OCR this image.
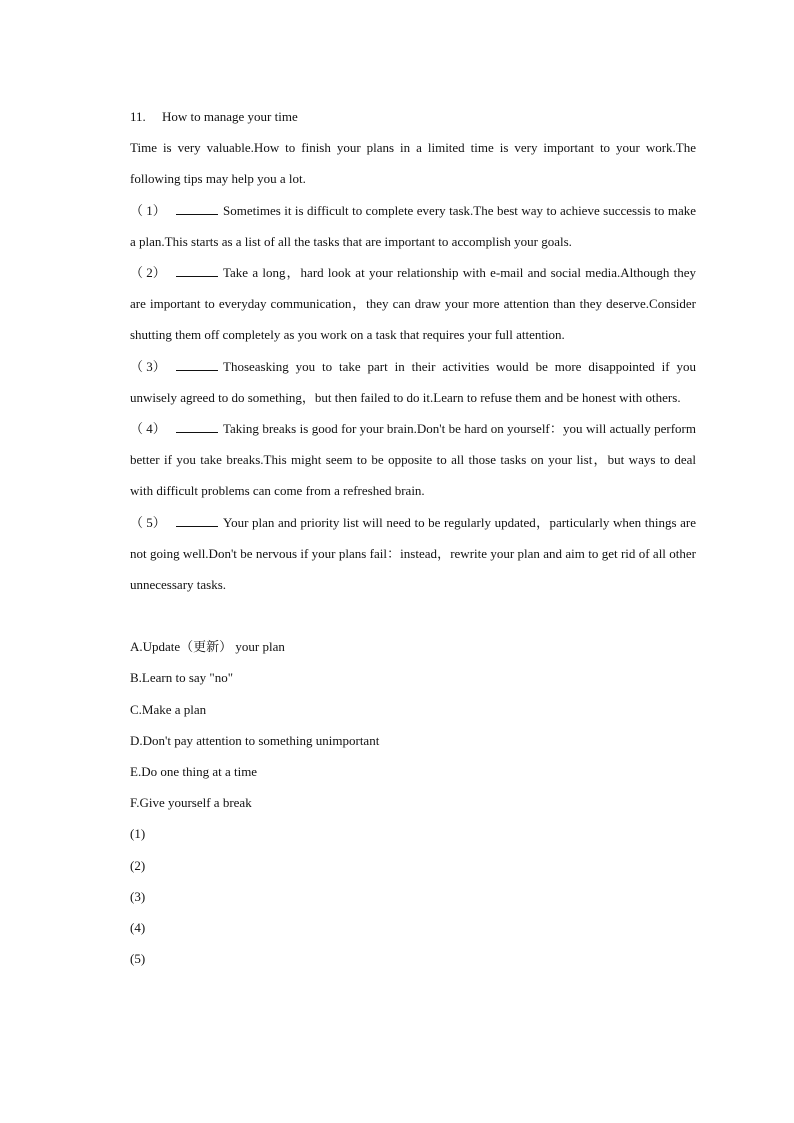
11. How to manage your time

Time is very valuable.How to finish your plans in a limited time is very important to your work.The following tips may help you a lot.

（ 1）	Sometimes it is difficult to complete every task.The best way to achieve successis to make a plan.This starts as a list of all the tasks that are important to accomplish your goals.

（ 2）	Take a long，hard look at your relationship with e-mail and social media.Although they are important to everyday communication，they can draw your more attention than they deserve.Consider shutting them off completely as you work on a task that requires your full attention.

（ 3）	Thoseasking you to take part in their activities would be more disappointed if you unwisely agreed to do something，but then failed to do it.Learn to refuse them and be honest with others.

（ 4）	Taking breaks is good for your brain.Don't be hard on yourself：you will actually perform better if you take breaks.This might seem to be opposite to all those tasks on your list，but ways to deal with difficult problems can come from a refreshed brain.

（ 5）	Your plan and priority list will need to be regularly updated，particularly when things are not going well.Don't be nervous if your plans fail：instead，rewrite your plan and aim to get rid of all other unnecessary tasks.

A.Update（更新） your plan
B.Learn to say "no"
C.Make a plan
D.Don't pay attention to something unimportant
E.Do one thing at a time
F.Give yourself a break
(1)
(2)
(3)
(4)
(5)
